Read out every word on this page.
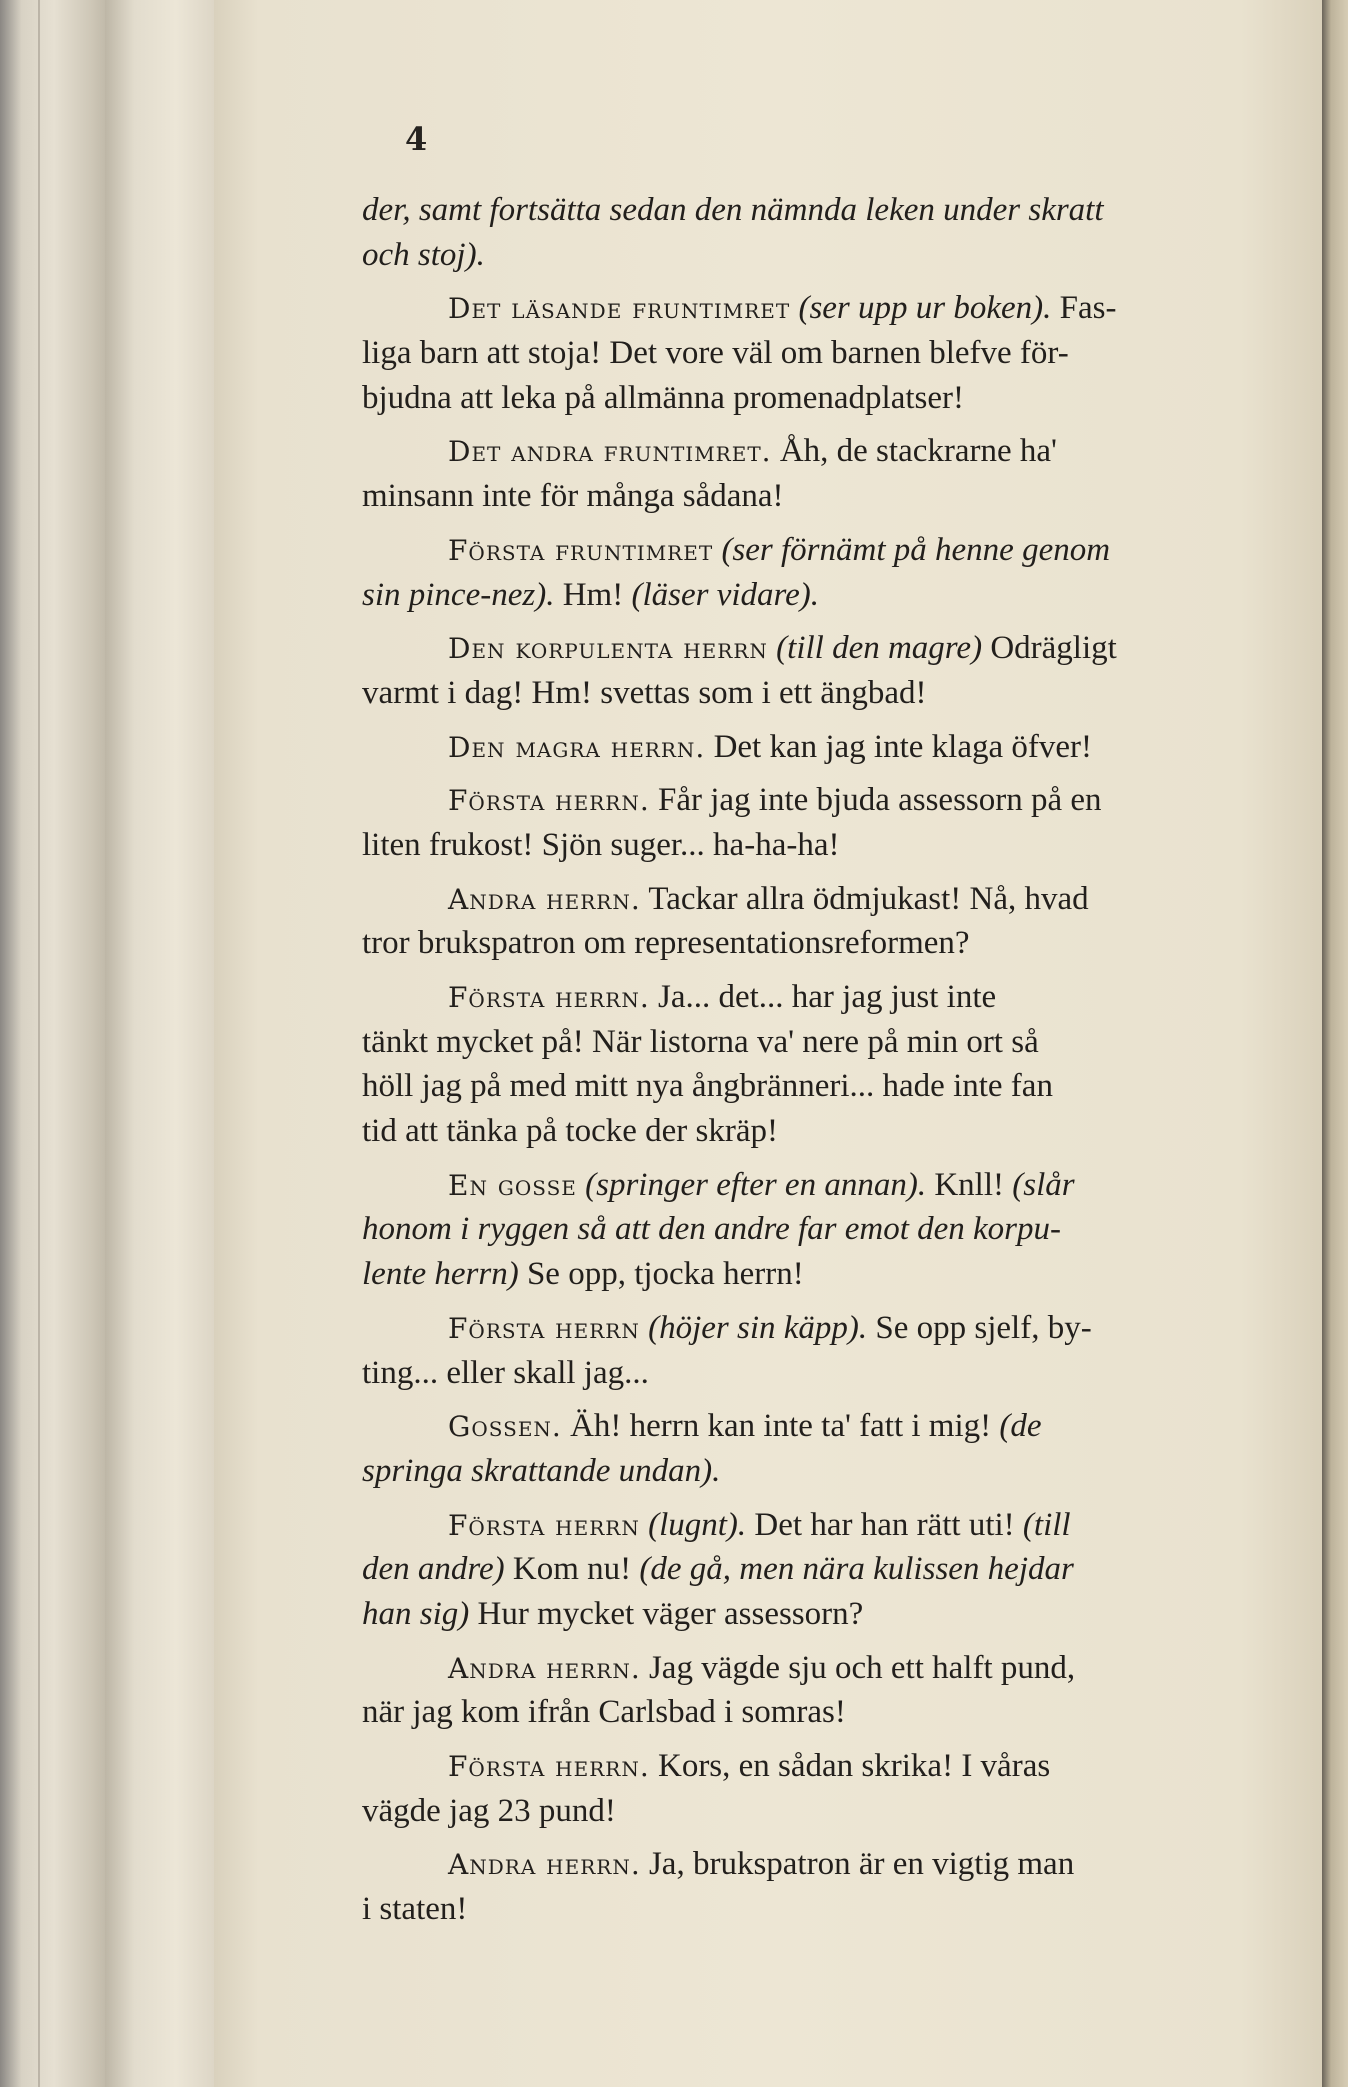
4
der, samt fortsätta sedan den nämnda leken under skratt
och stoj).
Det läsande fruntimret (ser upp ur boken). Fas-
liga barn att stoja! Det vore väl om barnen blefve för-
bjudna att leka på allmänna promenadplatser!
Det andra fruntimret. Åh, de stackrarne ha'
minsann inte för många sådana!
Första fruntimret (ser förnämt på henne genom
sin pince-nez). Hm! (läser vidare).
Den korpulenta herrn (till den magre) Odrägligt
varmt i dag! Hm! svettas som i ett ängbad!
Den magra herrn. Det kan jag inte klaga öfver!
Första herrn. Får jag inte bjuda assessorn på en
liten frukost! Sjön suger... ha-ha-ha!
Andra herrn. Tackar allra ödmjukast! Nå, hvad
tror brukspatron om representationsreformen?
Första herrn. Ja... det... har jag just inte
tänkt mycket på! När listorna va' nere på min ort så
höll jag på med mitt nya ångbränneri... hade inte fan
tid att tänka på tocke der skräp!
En gosse (springer efter en annan). Knll! (slår
honom i ryggen så att den andre far emot den korpu-
lente herrn) Se opp, tjocka herrn!
Första herrn (höjer sin käpp). Se opp sjelf, by-
ting... eller skall jag...
Gossen. Äh! herrn kan inte ta' fatt i mig! (de
springa skrattande undan).
Första herrn (lugnt). Det har han rätt uti! (till
den andre) Kom nu! (de gå, men nära kulissen hejdar
han sig) Hur mycket väger assessorn?
Andra herrn. Jag vägde sju och ett halft pund,
när jag kom ifrån Carlsbad i somras!
Första herrn. Kors, en sådan skrika! I våras
vägde jag 23 pund!
Andra herrn. Ja, brukspatron är en vigtig man
i staten!
